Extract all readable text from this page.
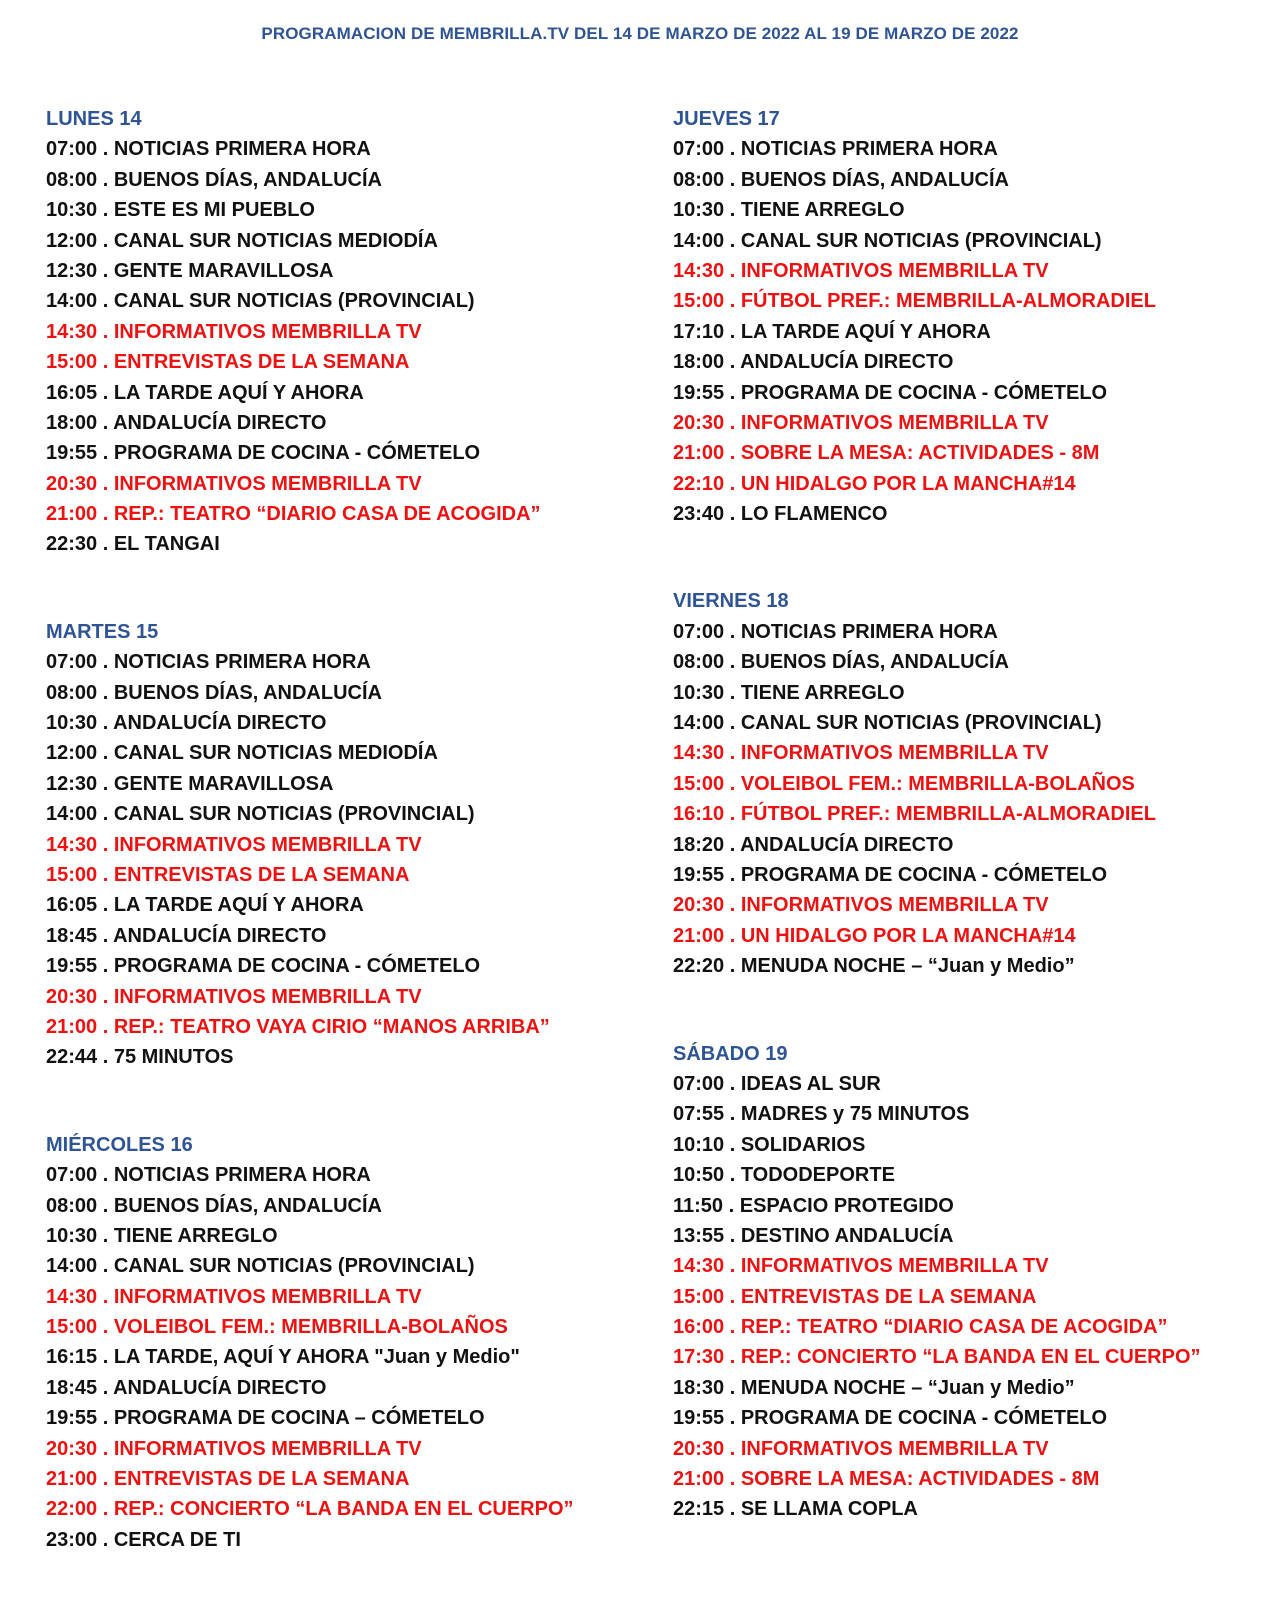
PROGRAMACION DE MEMBRILLA.TV DEL 14 DE MARZO DE 2022 AL 19 DE MARZO DE 2022
LUNES 14
07:00 . NOTICIAS PRIMERA HORA
08:00 . BUENOS DÍAS, ANDALUCÍA
10:30 . ESTE ES MI PUEBLO
12:00 . CANAL SUR NOTICIAS MEDIODÍA
12:30 . GENTE MARAVILLOSA
14:00 . CANAL SUR NOTICIAS (PROVINCIAL)
14:30 . INFORMATIVOS MEMBRILLA TV
15:00 . ENTREVISTAS DE LA SEMANA
16:05 . LA TARDE AQUÍ Y AHORA
18:00 . ANDALUCÍA DIRECTO
19:55 . PROGRAMA DE COCINA - CÓMETELO
20:30 . INFORMATIVOS MEMBRILLA TV
21:00 . REP.: TEATRO “DIARIO CASA DE ACOGIDA”
22:30 . EL TANGAI
MARTES 15
07:00 . NOTICIAS PRIMERA HORA
08:00 . BUENOS DÍAS, ANDALUCÍA
10:30 . ANDALUCÍA DIRECTO
12:00 . CANAL SUR NOTICIAS MEDIODÍA
12:30 . GENTE MARAVILLOSA
14:00 . CANAL SUR NOTICIAS (PROVINCIAL)
14:30 . INFORMATIVOS MEMBRILLA TV
15:00 . ENTREVISTAS DE LA SEMANA
16:05 . LA TARDE AQUÍ Y AHORA
18:45 . ANDALUCÍA DIRECTO
19:55 . PROGRAMA DE COCINA - CÓMETELO
20:30 . INFORMATIVOS MEMBRILLA TV
21:00 . REP.: TEATRO VAYA CIRIO “MANOS ARRIBA”
22:44 . 75 MINUTOS
MIÉRCOLES 16
07:00 . NOTICIAS PRIMERA HORA
08:00 . BUENOS DÍAS, ANDALUCÍA
10:30 . TIENE ARREGLO
14:00 . CANAL SUR NOTICIAS (PROVINCIAL)
14:30 . INFORMATIVOS MEMBRILLA TV
15:00 . VOLEIBOL FEM.: MEMBRILLA-BOLAÑOS
16:15 . LA TARDE, AQUÍ Y AHORA "Juan y Medio"
18:45 . ANDALUCÍA DIRECTO
19:55 . PROGRAMA DE COCINA – CÓMETELO
20:30 . INFORMATIVOS MEMBRILLA TV
21:00 . ENTREVISTAS DE LA SEMANA
22:00 . REP.: CONCIERTO “LA BANDA EN EL CUERPO”
23:00 . CERCA DE TI
JUEVES 17
07:00 . NOTICIAS PRIMERA HORA
08:00 . BUENOS DÍAS, ANDALUCÍA
10:30 . TIENE ARREGLO
14:00 . CANAL SUR NOTICIAS (PROVINCIAL)
14:30 . INFORMATIVOS MEMBRILLA TV
15:00 . FÚTBOL PREF.: MEMBRILLA-ALMORADIEL
17:10 . LA TARDE AQUÍ Y AHORA
18:00 . ANDALUCÍA DIRECTO
19:55 . PROGRAMA DE COCINA - CÓMETELO
20:30 . INFORMATIVOS MEMBRILLA TV
21:00 . SOBRE LA MESA: ACTIVIDADES - 8M
22:10 . UN HIDALGO POR LA MANCHA#14
23:40 . LO FLAMENCO
VIERNES 18
07:00 . NOTICIAS PRIMERA HORA
08:00 . BUENOS DÍAS, ANDALUCÍA
10:30 . TIENE ARREGLO
14:00 . CANAL SUR NOTICIAS (PROVINCIAL)
14:30 . INFORMATIVOS MEMBRILLA TV
15:00 . VOLEIBOL FEM.: MEMBRILLA-BOLAÑOS
16:10 . FÚTBOL PREF.: MEMBRILLA-ALMORADIEL
18:20 . ANDALUCÍA DIRECTO
19:55 . PROGRAMA DE COCINA - CÓMETELO
20:30 . INFORMATIVOS MEMBRILLA TV
21:00 . UN HIDALGO POR LA MANCHA#14
22:20 . MENUDA NOCHE – “Juan y Medio”
SÁBADO 19
07:00 . IDEAS AL SUR
07:55 . MADRES y 75 MINUTOS
10:10 . SOLIDARIOS
10:50 . TODODEPORTE
11:50 . ESPACIO PROTEGIDO
13:55 . DESTINO ANDALUCÍA
14:30 . INFORMATIVOS MEMBRILLA TV
15:00 . ENTREVISTAS DE LA SEMANA
16:00 . REP.: TEATRO “DIARIO CASA DE ACOGIDA”
17:30 . REP.: CONCIERTO “LA BANDA EN EL CUERPO”
18:30 . MENUDA NOCHE – “Juan y Medio”
19:55 . PROGRAMA DE COCINA - CÓMETELO
20:30 . INFORMATIVOS MEMBRILLA TV
21:00 . SOBRE LA MESA: ACTIVIDADES - 8M
22:15 . SE LLAMA COPLA
